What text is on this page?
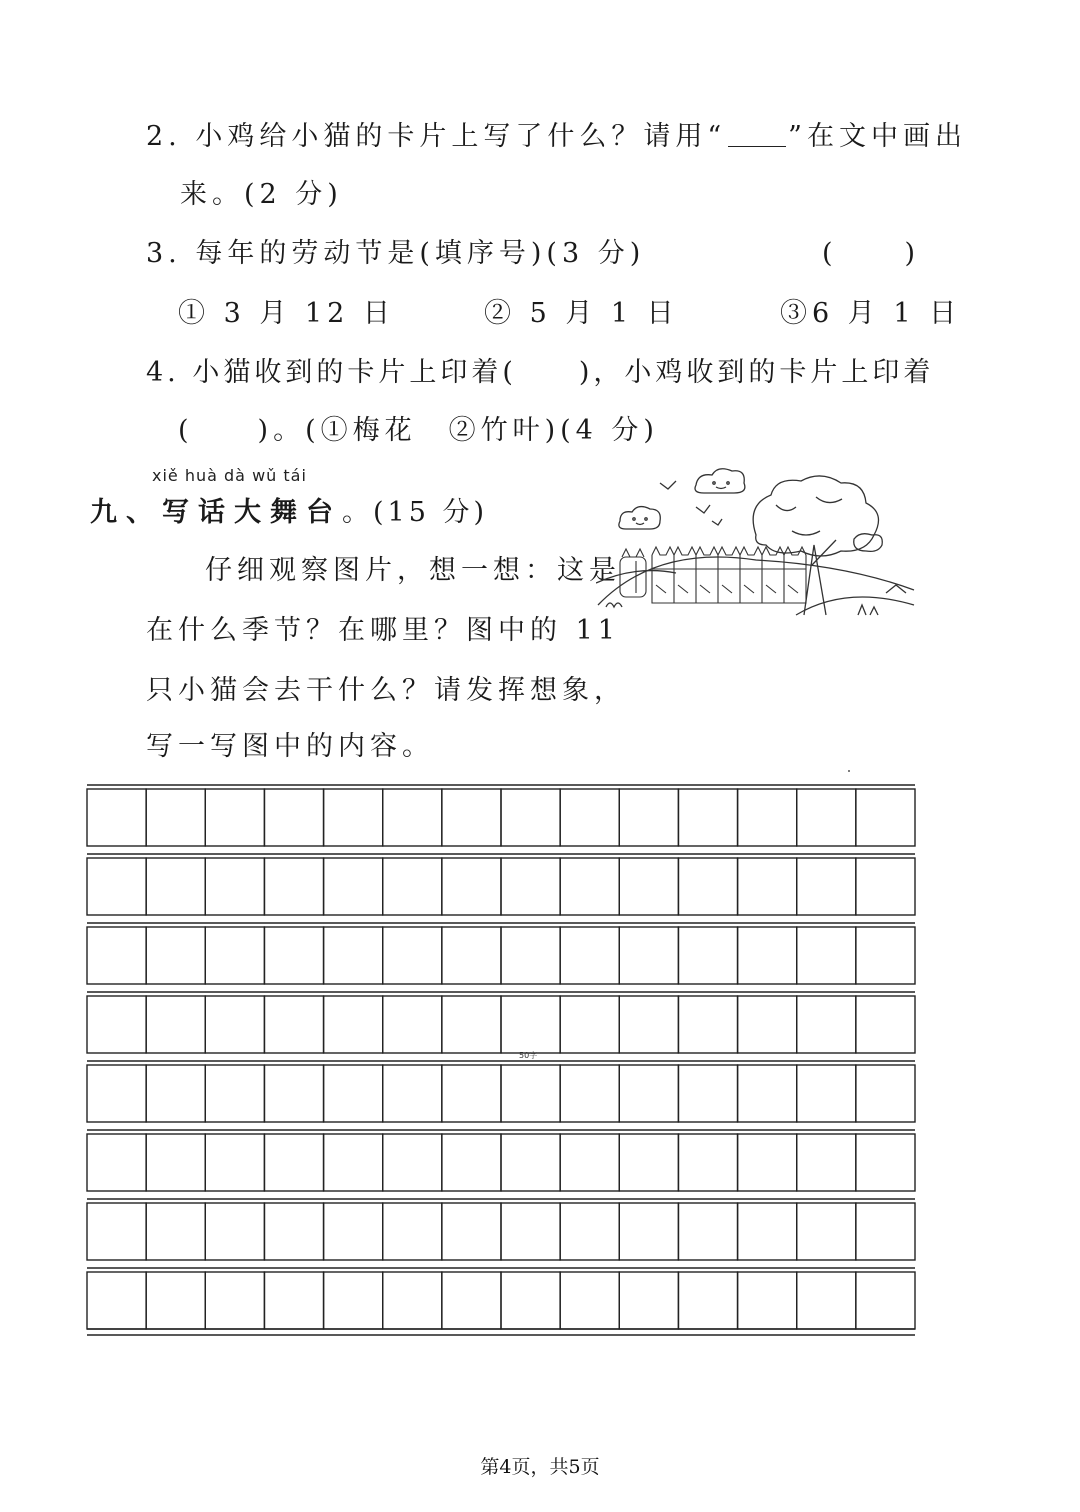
2. 小鸡给小猫的卡片上写了什么？请用“ ”在文中画出
来。(2 分)
3. 每年的劳动节是(填序号)(3 分)	(　　)
① 3 月 12 日	② 5 月 1 日	③6 月 1 日
4. 小猫收到的卡片上印着(　　)，小鸡收到的卡片上印着
(　　)。(①梅花　②竹叶)(4 分)
xiě huà dà wǔ tái
九、写话大舞台。(15 分)
仔细观察图片，想一想：这是
在什么季节？在哪里？图中的 11
只小猫会去干什么？请发挥想象，
写一写图中的内容。
50字
第4页，共5页
